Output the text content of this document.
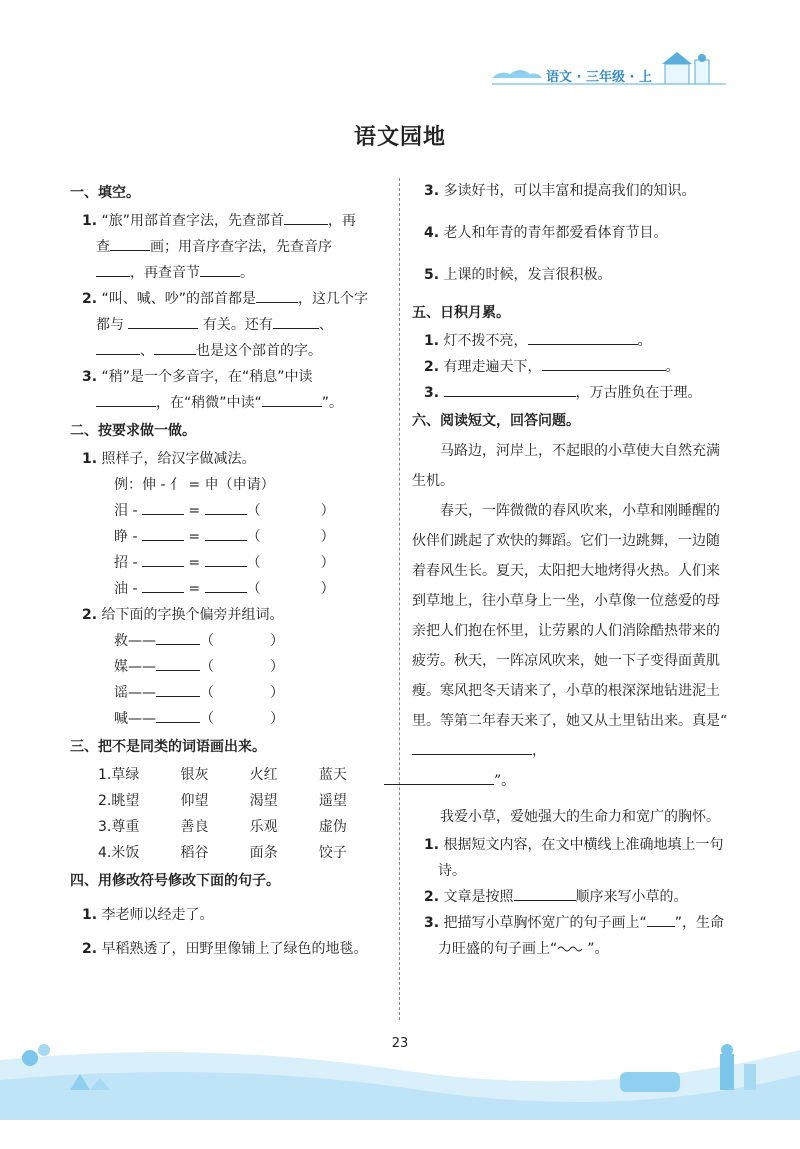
语文 · 三年级 · 上
语文园地
一、填空。
1. “旅”用部首查字法，先查部首	，再
查	画；用音序查字法，先查音序
，再查音节	。
2. “叫、喊、吵”的部首都是	，这几个字
都与	有关。还有	、
、	也是这个部首的字。
3. “稍”是一个多音字，在“稍息”中读
，在“稍微”中读“	”。
二、按要求做一做。
1. 照样子，给汉字做减法。
例：伸 - 亻 = 申（申请）
泪 -	=	（	）
睁 -	=	（	）
招 -	=	（	）
油 -	=	（	）
2. 给下面的字换个偏旁并组词。
救——	（	）
媒——	（	）
谣——	（	）
喊——	（	）
三、把不是同类的词语画出来。
1. 草绿	银灰	火红	蓝天
2. 眺望	仰望	渴望	遥望
3. 尊重	善良	乐观	虚伪
4. 米饭	稻谷	面条	饺子
四、用修改符号修改下面的句子。
1. 李老师以经走了。
2. 早稻熟透了，田野里像铺上了绿色的地毯。
3. 多读好书，可以丰富和提高我们的知识。
4. 老人和年青的青年都爱看体育节目。
5. 上课的时候，发言很积极。
五、日积月累。
1. 灯不拨不亮，	。
2. 有理走遍天下，	。
3.	，万古胜负在于理。
六、阅读短文，回答问题。
马路边，河岸上，不起眼的小草使大自然充满生机。
春天，一阵微微的春风吹来，小草和刚睡醒的伙伴们跳起了欢快的舞蹈。它们一边跳舞，一边随着春风生长。夏天，太阳把大地烤得火热。人们来到草地上，往小草身上一坐，小草像一位慈爱的母亲把人们抱在怀里，让劳累的人们消除酷热带来的疲劳。秋天，一阵凉风吹来，她一下子变得面黄肌瘦。寒风把冬天请来了，小草的根深深地钻进泥土里。等第二年春天来了，她又从土里钻出来。真是“，
”。
我爱小草，爱她强大的生命力和宽广的胸怀。
1. 根据短文内容，在文中横线上准确地填上一句诗。
2. 文章是按照	顺序来写小草的。
3. 把描写小草胸怀宽广的句子画上“ ”，生命力旺盛的句子画上“ ”。
23
